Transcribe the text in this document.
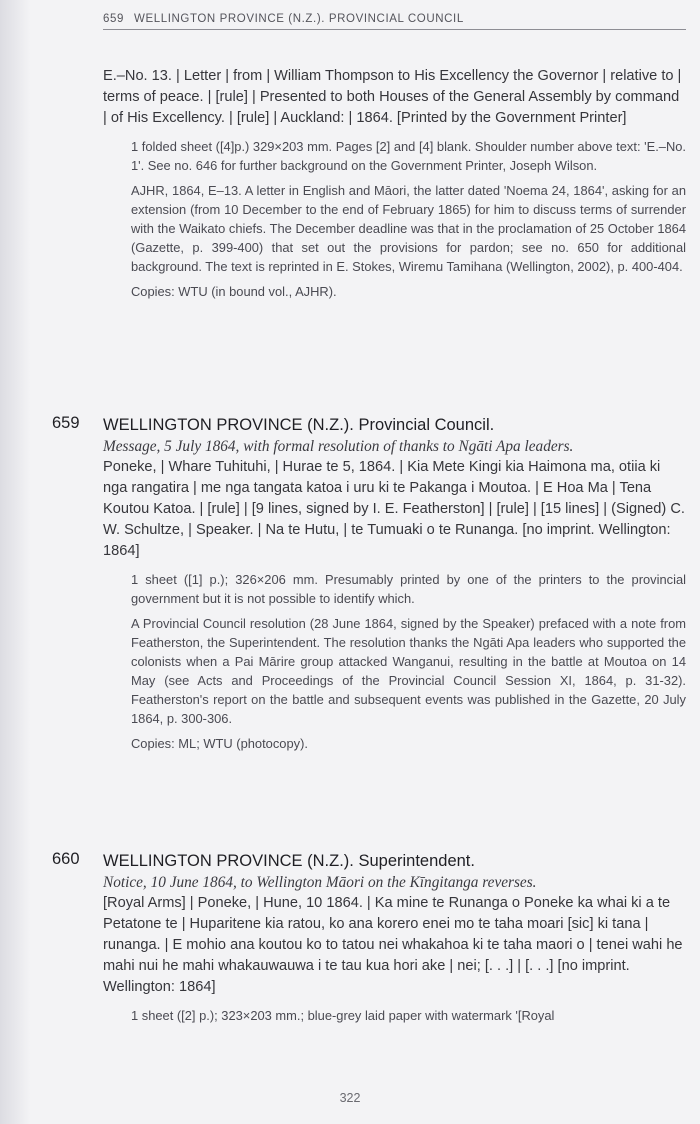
659 WELLINGTON PROVINCE (N.Z.). PROVINCIAL COUNCIL
E.–No. 13. | Letter | from | William Thompson to His Excellency the Governor | relative to | terms of peace. | [rule] | Presented to both Houses of the General Assembly by command | of His Excellency. | [rule] | Auckland: | 1864. [Printed by the Government Printer]

1 folded sheet ([4]p.) 329×203 mm. Pages [2] and [4] blank. Shoulder number above text: 'E.–No. 1'. See no. 646 for further background on the Government Printer, Joseph Wilson.

AJHR, 1864, E–13. A letter in English and Māori, the latter dated 'Noema 24, 1864', asking for an extension (from 10 December to the end of February 1865) for him to discuss terms of surrender with the Waikato chiefs. The December deadline was that in the proclamation of 25 October 1864 (Gazette, p. 399-400) that set out the provisions for pardon; see no. 650 for additional background. The text is reprinted in E. Stokes, Wiremu Tamihana (Wellington, 2002), p. 400-404.

Copies: WTU (in bound vol., AJHR).

659 WELLINGTON PROVINCE (N.Z.). Provincial Council.
Message, 5 July 1864, with formal resolution of thanks to Ngāti Apa leaders.
Poneke, | Whare Tuhituhi, | Hurae te 5, 1864. | Kia Mete Kingi kia Haimona ma, otiia ki nga rangatira | me nga tangata katoa i uru ki te Pakanga i Moutoa. | E Hoa Ma | Tena Koutou Katoa. | [rule] | [9 lines, signed by I. E. Featherston] | [rule] | [15 lines] | (Signed) C. W. Schultze, | Speaker. | Na te Hutu, | te Tumuaki o te Runanga. [no imprint. Wellington: 1864]

1 sheet ([1] p.); 326×206 mm. Presumably printed by one of the printers to the provincial government but it is not possible to identify which.

A Provincial Council resolution (28 June 1864, signed by the Speaker) prefaced with a note from Featherston, the Superintendent. The resolution thanks the Ngāti Apa leaders who supported the colonists when a Pai Mārire group attacked Wanganui, resulting in the battle at Moutoa on 14 May (see Acts and Proceedings of the Provincial Council Session XI, 1864, p. 31-32). Featherston's report on the battle and subsequent events was published in the Gazette, 20 July 1864, p. 300-306.

Copies: ML; WTU (photocopy).

660 WELLINGTON PROVINCE (N.Z.). Superintendent.
Notice, 10 June 1864, to Wellington Māori on the Kīngitanga reverses.
[Royal Arms] | Poneke, | Hune, 10 1864. | Ka mine te Runanga o Poneke ka whai ki a te Petatone te | Huparitene kia ratou, ko ana korero enei mo te taha moari [sic] ki tana | runanga. | E mohio ana koutou ko to tatou nei whakahoa ki te taha maori o | tenei wahi he mahi nui he mahi whakauwauwa i te tau kua hori ake | nei; [. . .] | [. . .] [no imprint. Wellington: 1864]

1 sheet ([2] p.); 323×203 mm.; blue-grey laid paper with watermark '[Royal

322
